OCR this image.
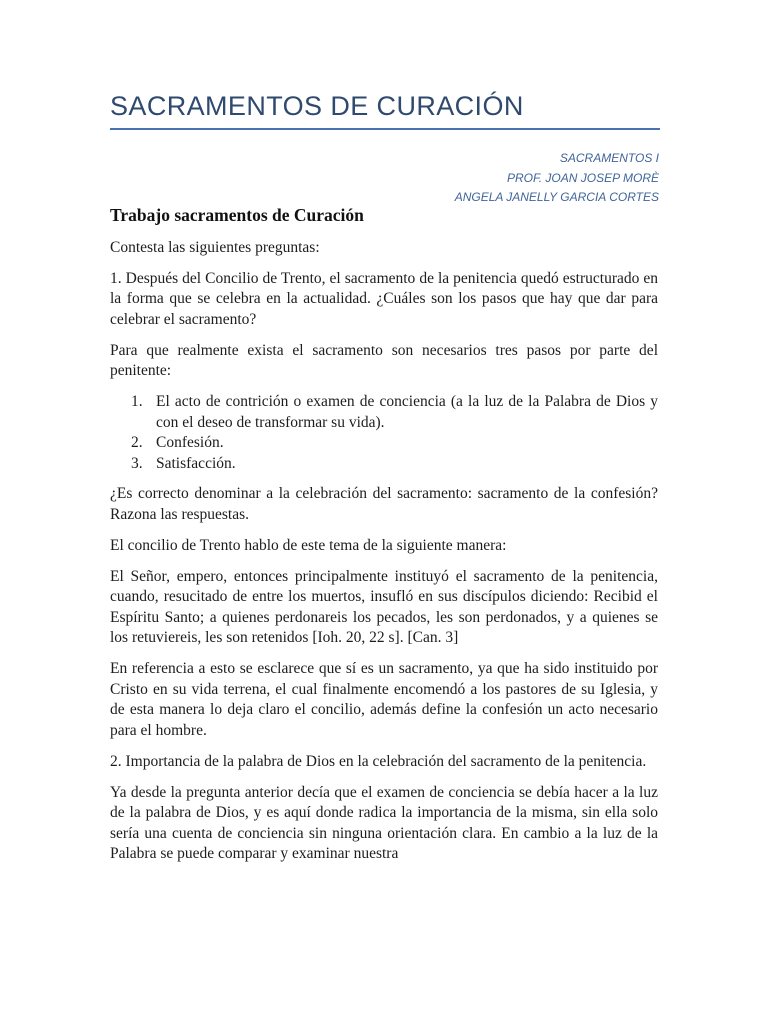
SACRAMENTOS DE CURACIÓN
SACRAMENTOS I
PROF. JOAN JOSEP MORÈ
ANGELA JANELLY GARCIA CORTES
Trabajo sacramentos de Curación

Contesta las siguientes preguntas:

1. Después del Concilio de Trento, el sacramento de la penitencia quedó estructurado en la forma que se celebra en la actualidad. ¿Cuáles son los pasos que hay que dar para celebrar el sacramento?

Para que realmente exista el sacramento son necesarios tres pasos por parte del penitente:

1. El acto de contrición o examen de conciencia (a la luz de la Palabra de Dios y con el deseo de transformar su vida).
2. Confesión.
3. Satisfacción.

¿Es correcto denominar a la celebración del sacramento: sacramento de la confesión? Razona las respuestas.

El concilio de Trento hablo de este tema de la siguiente manera:

El Señor, empero, entonces principalmente instituyó el sacramento de la penitencia, cuando, resucitado de entre los muertos, insufló en sus discípulos diciendo: Recibid el Espíritu Santo; a quienes perdonareis los pecados, les son perdonados, y a quienes se los retuviereis, les son retenidos [Ioh. 20, 22 s]. [Can. 3]

En referencia a esto se esclarece que sí es un sacramento, ya que ha sido instituido por Cristo en su vida terrena, el cual finalmente encomendó a los pastores de su Iglesia, y de esta manera lo deja claro el concilio, además define la confesión un acto necesario para el hombre.

2. Importancia de la palabra de Dios en la celebración del sacramento de la penitencia.

Ya desde la pregunta anterior decía que el examen de conciencia se debía hacer a la luz de la palabra de Dios, y es aquí donde radica la importancia de la misma, sin ella solo sería una cuenta de conciencia sin ninguna orientación clara. En cambio a la luz de la Palabra se puede comparar y examinar nuestra
